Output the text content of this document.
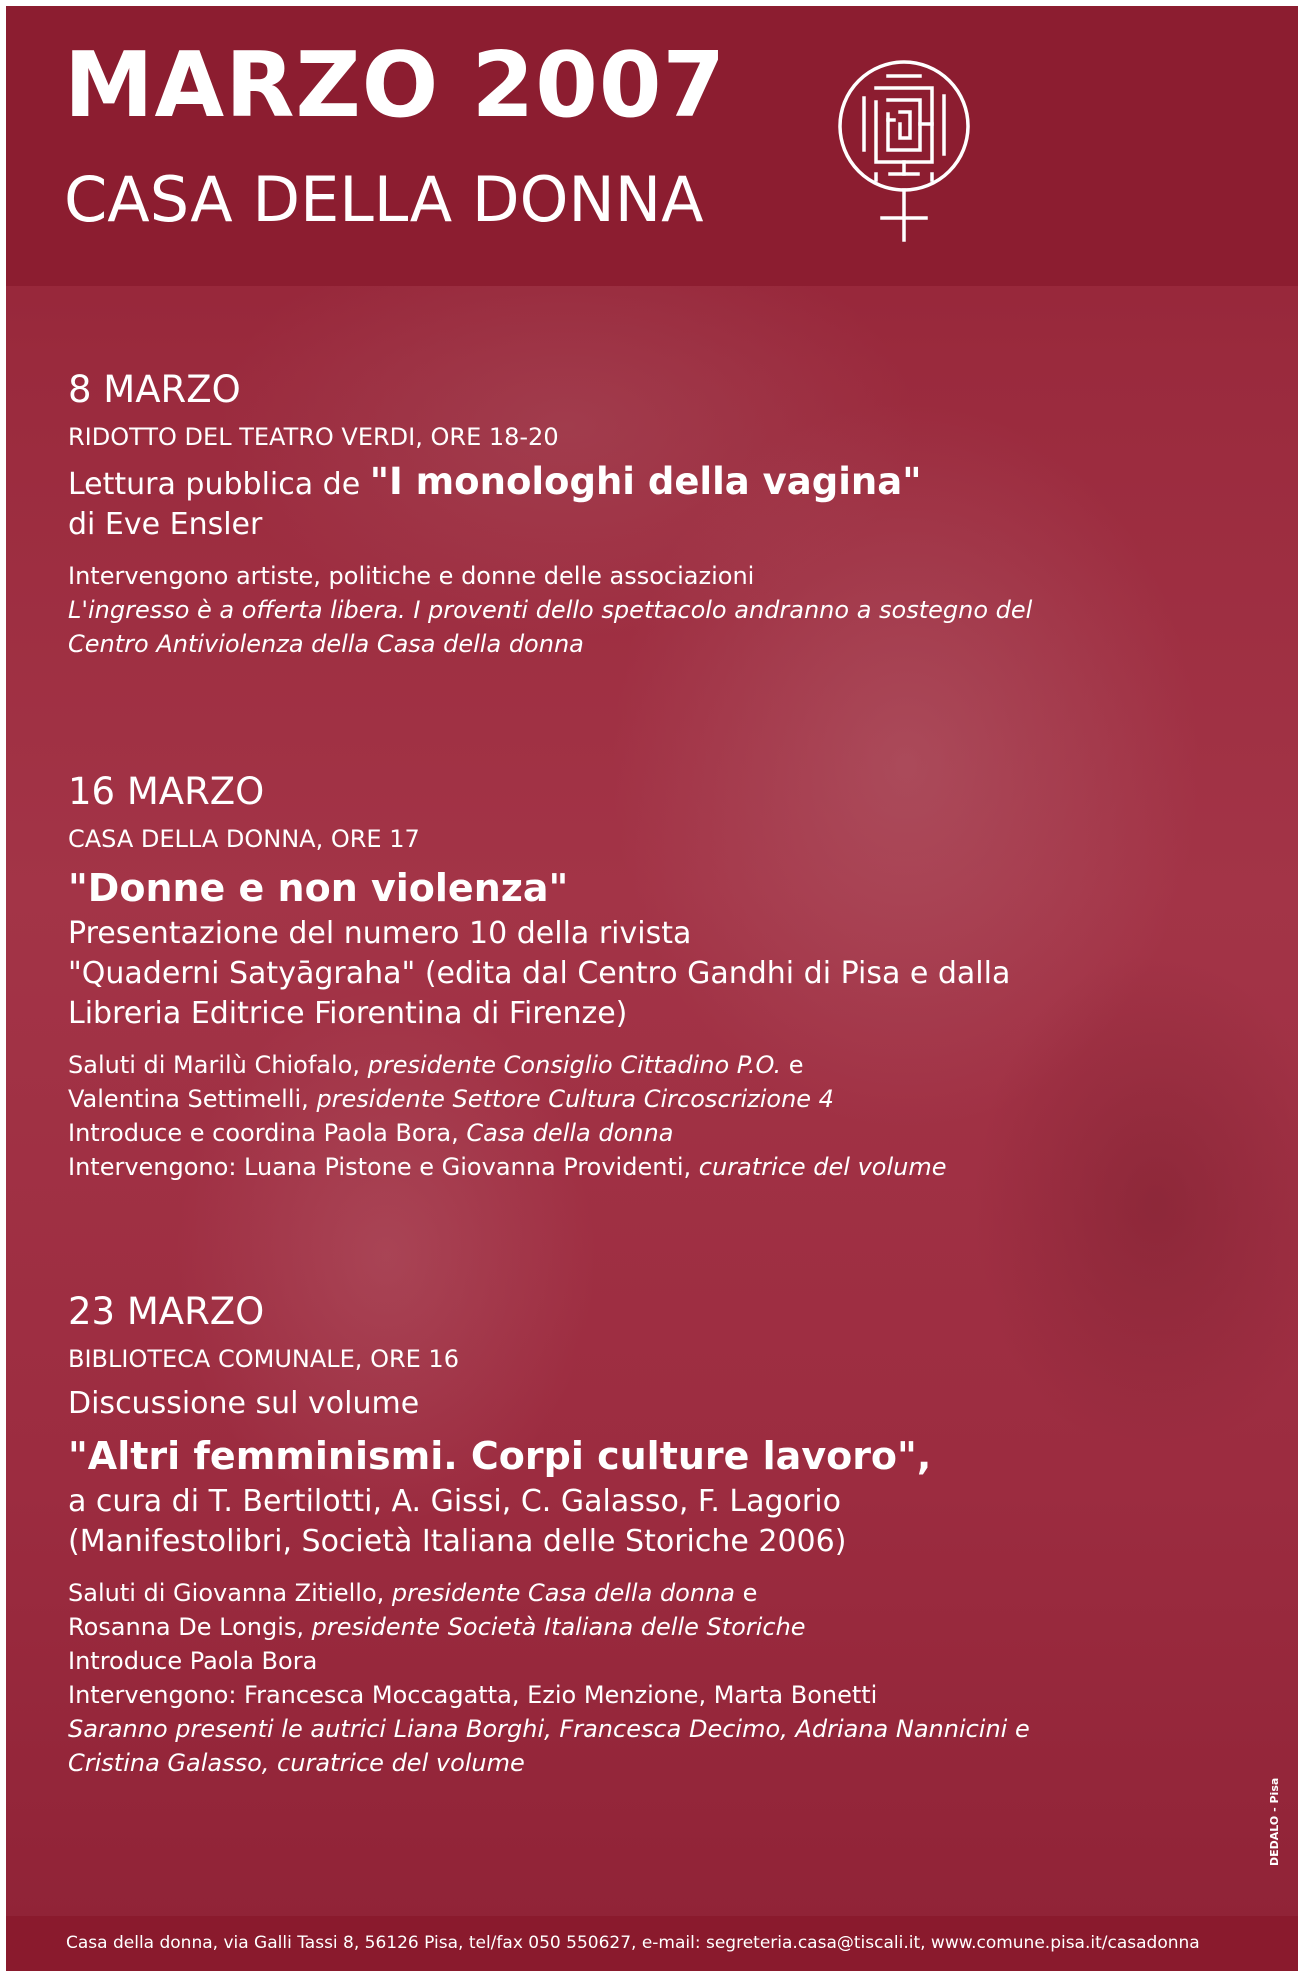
MARZO 2007
CASA DELLA DONNA

8 MARZO

RIDOTTO DEL TEATRO VERDI, ORE 18-20

Lettura pubblica de "I monologhi della vagina"

di Eve Ensler

Intervengono artiste, politiche e donne delle associazioni

L'ingresso è a offerta libera. I proventi dello spettacolo andranno a sostegno del

Centro Antiviolenza della Casa della donna

16 MARZO

CASA DELLA DONNA, ORE 17

"Donne e non violenza"

Presentazione del numero 10 della rivista

"Quaderni Satyāgraha" (edita dal Centro Gandhi di Pisa e dalla

Libreria Editrice Fiorentina di Firenze)

Saluti di Marilù Chiofalo, presidente Consiglio Cittadino P.O. e

Valentina Settimelli, presidente Settore Cultura Circoscrizione 4

Introduce e coordina Paola Bora, Casa della donna

Intervengono: Luana Pistone e Giovanna Providenti, curatrice del volume

23 MARZO

BIBLIOTECA COMUNALE, ORE 16

Discussione sul volume

"Altri femminismi. Corpi culture lavoro",

a cura di T. Bertilotti, A. Gissi, C. Galasso, F. Lagorio

(Manifestolibri, Società Italiana delle Storiche 2006)

Saluti di Giovanna Zitiello, presidente Casa della donna e

Rosanna De Longis, presidente Società Italiana delle Storiche

Introduce Paola Bora

Intervengono: Francesca Moccagatta, Ezio Menzione, Marta Bonetti

Saranno presenti le autrici Liana Borghi, Francesca Decimo, Adriana Nannicini e

Cristina Galasso, curatrice del volume

DEDALO - Pisa

Casa della donna, via Galli Tassi 8, 56126 Pisa, tel/fax 050 550627, e-mail: segreteria.casa@tiscali.it, www.comune.pisa.it/casadonna
